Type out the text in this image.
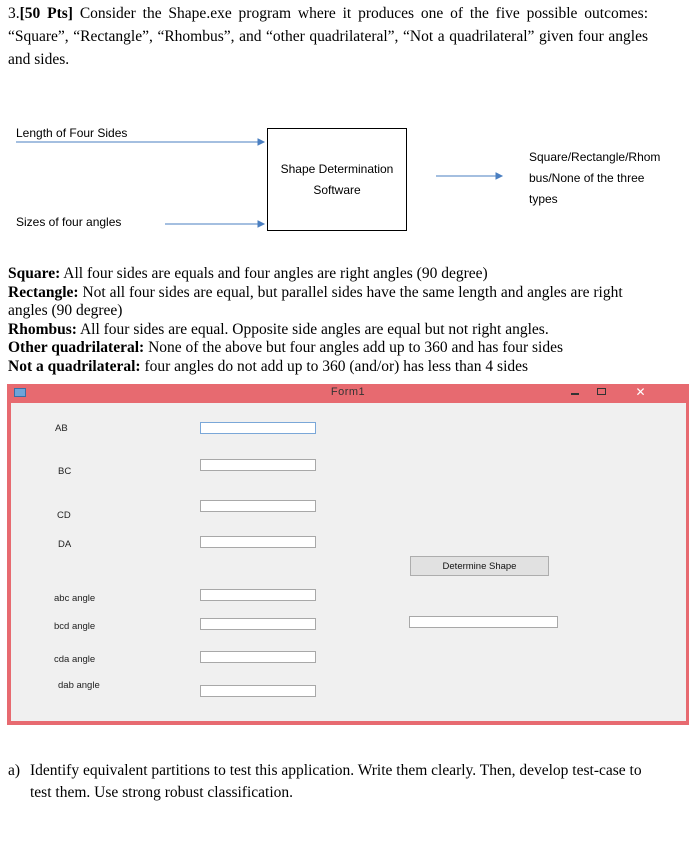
3.[50 Pts] Consider the Shape.exe program where it produces one of the five possible outcomes: “Square”, “Rectangle”, “Rhombus”, and “other quadrilateral”, “Not a quadrilateral” given four angles and sides.
Length of Four Sides
Sizes of four angles
Shape Determination
Software
Square/Rectangle/Rhom
bus/None of the three
types
Square: All four sides are equals and four angles are right angles (90 degree)
Rectangle: Not all four sides are equal, but parallel sides have the same length and angles are right angles (90 degree)
Rhombus: All four sides are equal. Opposite side angles are equal but not right angles.
Other quadrilateral: None of the above but four angles add up to 360 and has four sides
Not a quadrilateral: four angles do not add up to 360 (and/or) has less than 4 sides
Form1	✕
AB
BC
CD
DA
Determine Shape
abc angle
bcd angle
cda angle
dab angle
a) Identify equivalent partitions to test this application. Write them clearly. Then, develop test-case to test them. Use strong robust classification.
